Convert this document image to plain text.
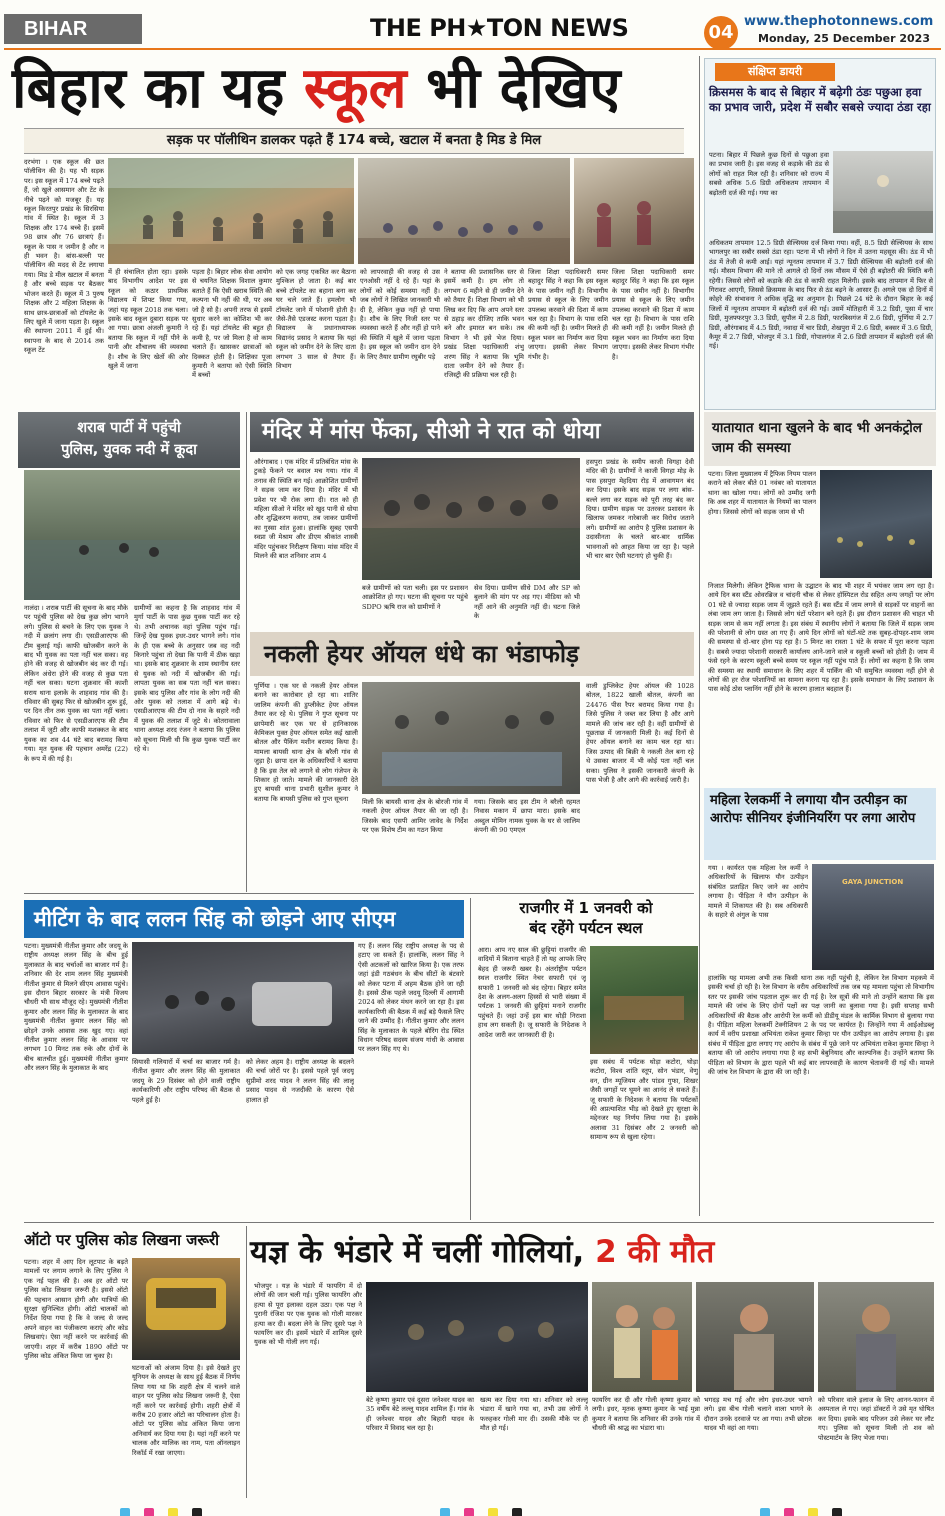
BIHAR	THE PH★TON NEWS	04
www.thephotonnews.com
Monday, 25 December 2023
बिहार का यह स्कूल भी देखिए
सड़क पर पॉलीथिन डालकर पढ़ते हैं 174 बच्चे, खटाल में बनता है मिड डे मिल
दरभंगा । एक स्कूल की छत पॉलीथिन की है। यह भी सड़क पर। इस स्कूल में 174 बच्चे पढ़ते हैं, जो खुले आसमान और टेंट के नीचे पढ़ने को मजबूर हैं। यह स्कूल किरतपुर प्रखंड के सिरसिया गांव में स्थित है। स्कूल में 3 शिक्षक और 174 बच्चे हैं। इसमें 98 छात्र और 76 छात्राएं हैं। स्कूल के पास न जमीन है और न ही भवन है। बांस-बल्ली पर पॉलीथिन की मदद से टेंट लगाया गया। मिड डे मील खटाल में बनता है और बच्चे सड़क पर बैठकर भोजन करते हैं। स्कूल में 3 पुरुष शिक्षक और 2 महिला शिक्षक के साथ छात्र-छात्राओं को टॉयलेट के लिए खुले में जाना पड़ता है। स्कूल की स्थापना 2011 में हुई थी। स्थापना के बाद से 2014 तक स्कूल टेंट
में ही संचालित होता रहा। इसके बाद विभागीय आदेश पर इस स्कूल को कठार प्राथमिक विद्यालय में शिफ्ट किया गया, जहां यह स्कूल 2018 तक चला। इसके बाद स्कूल दुबारा सड़क पर आ गया। छात्रा अंजली कुमारी ने बताया कि स्कूल में नहीं पीने के पानी और शौचालय की व्यवस्था है। शौच के लिए खेतों की ओर खुले में जाना
पड़ता है। बिहार लोक सेवा आयोग से चयनित शिक्षक विशाल कुमार बताते हैं कि ऐसी खराब स्थिति की कल्पना भी नहीं की थी, पर अब जो है सो है। अपनी तरफ से इसमें सुधार करने का कोशिश भी कर रहे हैं। यहां टॉयलेट की बहुत ही कमी है, पर जो मिला है वो काम चलाते हैं। खासकर छात्राओं को दिक्कत होती है। शिक्षिका पूजा कुमारी ने बताया को ऐसी स्थिति में बच्चों
को एक जगह एकत्रित कर बैठाना मुश्किल हो जाता है। कई बार बच्चे टॉयलेट का बहाना बना कर घर चले जाते हैं। हमलोग भी टॉयलेट जाने में परेशानी होती है। जैसे-तैसे एडजस्ट करना पड़ता है। विद्यालय के प्रधानाध्यापक विद्यानंद प्रसाद ने बताया कि यहां स्कूल को जमीन देने के लिए दाता लगभग 3 साल से तैयार हैं। विभाग
को लापरवाही की वजह से उस एनओसी नहीं दे रहे हैं। यहां के लोगों को कोई समस्या नहीं है। जब लोगों ने लिखित जानकारी भी दी है, लेकिन कुछ नहीं हो पाया है। शौच के लिए निजी स्तर पर व्यवस्था करते हैं और नहीं हो पाने की स्थिति में खुले में जाना पड़ता है। इस स्कूल को जमीन दान देने के लिए तैयार ग्रामीण रघुबीर पड़े
ने बताया की प्रशासनिक स्तर से इसमें कमी है। हम लोग तो लगभग 6 महीने से ही जमीन देने को तैयार हैं। शिक्षा विभाग को भी लिख कर दिए कि आप अपने स्तर से ठहाड़ कर दीजिए ताकि भवन बने और इमारत बन सके। तब विभाग ने भी इसे भेज दिया। प्रखंड शिक्षा पदाधिकारी शंभु शरण सिंह ने बताया कि भूमि दाता जमीन देने को तैयार हैं। रजिस्ट्री की प्रक्रिया चल रही है।
जिला शिक्षा पदाधिकारी समर बहादुर सिंह ने कहा कि इस स्कूल के पास जमीन नहीं है। विभागीय प्रयास से स्कूल के लिए जमीन उपलब्ध करवाने की दिशा में काम चल रहा है। विभाग के पास राशि की कमी नहीं है। जमीन मिलते ही स्कूल भवन का निर्माण करा दिया जाएगा। इसकी लेकर विभाग गंभीर है।
जिला शिक्षा पदाधिकारी समर बहादुर सिंह ने कहा कि इस स्कूल के पास जमीन नहीं है। विभागीय प्रयास से स्कूल के लिए जमीन उपलब्ध करवाने की दिशा में काम चल रहा है। विभाग के पास राशि की कमी नहीं है। जमीन मिलते ही स्कूल भवन का निर्माण करा दिया जाएगा। इसकी लेकर विभाग गंभीर है।
संक्षिप्त डायरी
क्रिसमस के बाद से बिहार में बढ़ेगी ठंडः पछुआ हवा का प्रभाव जारी, प्रदेश में सबौर सबसे ज्यादा ठंडा रहा
पटना। बिहार में पिछले कुछ दिनों से पछुआ हवा का प्रभाव जारी है। इस वजह से कड़ाके की ठंड से लोगों को राहत मिल रही है। शनिवार को राज्य में सबसे अधिक 5.6 डिग्री अधिकतम तापमान में बढ़ोतरी दर्ज की गई। गया का
अधिकतम तापमान 12.5 डिग्री सेल्सियस दर्ज किया गया। वहीं, 8.5 डिग्री सेल्सियस के साथ भागलपुर का सबौर सबसे ठंडा रहा। पटना में भी लोगों ने दिन में उतना महसूस की। ठंड में भी ठंड में तेजी से कमी आई। यहां न्यूनतम तापमान में 3.7 डिग्री सेल्सियस की बढ़ोतरी दर्ज की गई। मौसम विभाग की माने तो आगले दो दिनों तक मौसम में ऐसे ही बढ़ोतरी की स्थिति बनी रहेगी। जिससे लोगों को कड़ाके की ठंड से काफी राहत मिलेगी। इसके बाद तापमान में फिर से गिरावट आएगी, जिससे क्रिसमस के बाद फिर से ठंड बढ़ने के आसार हैं। अगले एक दो दिनों में कोहरे की संभावना ने अधिक वृद्धि का अनुमान है। पिछले 24 घंटे के दौरान बिहार के कई जिलों में न्यूनतम तापमान में बढ़ोतरी दर्ज की गई। उसमें मोतिहारी में 3.2 डिग्री, पूसा में चार डिग्री, मुजफ्फरपुर 3.3 डिग्री, सुपौल में 2.8 डिग्री, फारबिसगंज में 2.6 डिग्री, पूर्णिया में 2.7 डिग्री, औरंगाबाद में 4.5 डिग्री, नवादा में चार डिग्री, शेखपुरा में 2.6 डिग्री, बक्सर में 3.6 डिग्री, कैमूर में 2.7 डिग्री, भोजपुर में 3.1 डिग्री, गोपालगंज में 2.6 डिग्री तापमान में बढ़ोतरी दर्ज की गई।
शराब पार्टी में पहुंची
पुलिस, युवक नदी में कूदा
नालंदा । शराब पार्टी की सूचना के बाद मौके पर पहुंची पुलिस को देख कुछ लोग भागने लगे। पुलिस से बचने के लिए एक युवक ने नदी में छलांग लगा दी। एसडीआरएफ की टीम बुलाई गई। काफी खोजबीन करने के बाद भी युवक का पता नहीं चल सका। वह होने की वजह से खोजबीन बंद कर दी गई। लेकिन अंधेरा होने की वजह से कुछ पता नहीं चल सका। घटना शुक्रवार की काशी सराय थाना इलाके के शाहवाद गांव की है। रविवार की सुबह फिर से खोजबीन शुरू हुई, पर दिन तीन तक युवक का पता नहीं चला। रविवार को फिर से एसडीआरएफ की टीम तलाश में जुटी और काफी मशक्कत के बाद युवक का शव 44 घंटे बाद बरामद किया गया। मृत युवक की पहचान अमरेंद्र (22) के रूप में की गई है।
ग्रामीणों का कहना है कि शाहवाद गांव में मुर्गा पार्टी के पास कुछ युवक पार्टी कर रहे थे। तभी अचानक वहां पुलिस पहुंच गई। जिन्हें देख युवक इधर-उधर भागने लगे। गांव के ही एक बच्चे के अनुसार जब वह नदी किनारे पहुंचा तो देखा कि पानी में ठीक खड़ा था। इसके बाद शुक्रवार के शाम स्थानीय स्तर से युवक को नदी में खोजबीन की गई। लापता युवक का सब पता नहीं चल सका। इसके बाद पुलिस और गांव के लोग नदी की ओर युवक को तलाश में आगे बढ़े थे। एसडीआरएफ की टीम दो नाव के सहारे नदी में युवक की तलाश में जुटे थे। कोतरावाला थाना अध्यक्ष शरद रंजन ने बताया कि पुलिस को सूचना मिली थी कि कुछ युवक पार्टी कर रहे थे।
मंदिर में मांस फेंका, सीओ ने रात को धोया
औरंगाबाद । एक मंदिर में प्रतिबंधित मांस के टुकड़े फेंकने पर बवाल मच गया। गांव में तनाव की स्थिति बन गई। आक्रोशित ग्रामीणों ने सड़क जाम कर दिया है। मंदिर में भी प्रवेश पर भी रोक लगा दी। रात को ही महिला सीओ ने मंदिर को खुद पानी से धोया और शुद्धिकरण कराया, तब जाकर ग्रामीणों का गुस्सा शांत हुआ। हालांकि सुबह एसपी स्वप्ना जी मेश्राम और डीएम श्रीकांत शास्त्री मंदिर पहुंचकर निरीक्षण किया। मांस मंदिर में मिलने की बात शनिवार शाम 4
बजे ग्रामीणों को पता चली। इस पर प्रशासन आक्रोशित हो गए। घटना की सूचना पर पहुंचे SDPO ऋषि राज को ग्रामीणों ने
सेव दिया। ग्रामीण सीधे DM और SP को बुलाने की मांग पर अड़ गए। मीडिया को भी नहीं आने की अनुमति नहीं दी। घटना जिले के
हसपुरा प्रखंड के समीप काजी विगहा देवी मंदिर की है। ग्रामीणों ने काजी विगहा मोड़ के पास हसपुरा मेहदिया रोड़ में आवागमन बंद कर दिया। इसके बाद सड़क पर लगा बांस-बल्ले लगा कर सड़क को पूरी तरह बंद कर दिया। ग्रामीण सड़क पर उतरकर प्रशासन के खिलाफ जमकर नारेबाजी कर विरोध जताने लगे। ग्रामीणों का आरोप है पुलिस प्रशासन के उदासीनता के चलते बार-बार धार्मिक भावनाओं को आहत किया जा रहा है। पहले भी चार बार ऐसी घटनाएं हो चुकी हैं।
नकली हेयर ऑयल धंधे का भंडाफोड़
पूर्णिया । एक घर से नकली हेयर ऑयल बनाने का कारोबार हो रहा था। शातिर जालिम कंपनी की डुप्लीकेट हेयर ऑयल तैयार कर रहे थे। पुलिस ने गुप्त सूचना पर छापेमारी कर एक घर से हानिकारक केमिकल युक्त हेयर ऑयल समेत कई खाली बोतल और पैकिंग मशीन बरामद किया है। मामला बायसी थाना क्षेत्र के बरैली गांव से जुड़ा है। छापा दल के अधिकारियों ने बताया है कि इस तेल को लगाने से लोग गंजेपन के शिकार हो जाते। मामले की जानकारी देते हुए बायसी थाना प्रभारी सुशील कुमार ने बताया कि बायसी पुलिस को गुप्त सूचना	मिली कि बायसी थाना क्षेत्र के बोरजी गांव में नकली हेयर ऑयल तैयार की जा रही है। जिसके बाद एसपी आमिर जावेद के निर्देश पर एक विशेष टीम का गठन किया
गया। जिसके बाद इस टीम ने बरैली रहमत निवास मकान में छापा मारा। इसके बाद अब्दुल मोमिन नामक युवक के घर से जालिम कंपनी की 90 एमएल
वाली डुप्लिकेट हेयर ऑयल की 1028 बोतल, 1822 खाली बोतल, कंपनी का 24476 पीस रैपर बरामद किया गया है। जिसे पुलिस ने जब्त कर लिया है और आगे मामले की जांच कर रही है। वहीं ग्रामीणों से पूछताछ में जानकारी मिली है। कई दिनों से हेयर ऑयल बनाने का काम चल रहा था। जिस उत्पाद की बिक्री ये नकली तेल बना रहे थे उसका बाजार में भी कोई पता नहीं चल सका। पुलिस ने इसकी जानकारी कंपनी के पास भेजी है और आगे की कार्रवाई जारी है।
यातायात थाना खुलने के बाद भी अनकंट्रोल जाम की समस्या
पटना। जिला मुख्यालय में ट्रैफिक नियम पालन कराने को लेकर बीते 01 नवंबर को यातायात थाना का खोला गया। लोगों को उम्मीद जगी कि अब शहर में यातायात के नियमों का पालन होगा। जिससे लोगों को सड़क जाम से भी
निजात मिलेगी। लेकिन ट्रैफिक थाना के उद्घाटन के बाद भी शहर में भयंकर जाम लग रहा है। आये दिन बस स्टैंड ओवरब्रिज व चांदनी चौक से लेकर हॉस्पिटल रोड सहित अन्य जगहों पर लोग 01 घंटे से ज्यादा सड़क जाम में जूझते रहते हैं। बस स्टैंड में जाम लगने से सड़कों पर वाहनों का लंबा जाम लग जाता है। जिससे लोग घंटों परेशान बने रहते हैं। इस दौरान प्रशासन की चाहत भी सड़क जाम से कम नहीं लगता है। इस संबंध में स्थानीय लोगों ने बताया कि जिले में सड़क जाम की परेशानी से लोग ग्रस्त आ गए हैं। आये दिन लोगों को घंटों-घंटे तक सुबह-दोपहर-शाम जाम की समस्या से दो-चार होना पड़ रहा है। 5 मिनट का रास्ता 1 घंटे के सफर में पूरा करना पड़ता है। सबसे ज्यादा परेशानी सरकारी कार्यालय आने-जाने वाले व स्कूली बच्चों को होती है। जाम में फंसे रहने के कारण स्कूली बच्चे समय पर स्कूल नहीं पहुंच पाते हैं। लोगों का कहना है कि जाम की समस्या का स्थायी समाधान के लिए शहर में पार्किंग की भी समुचित व्यवस्था नहीं होने से लोगों की हर रोज परेशानियों का सामना करना पड़ रहा है। इसके समाधान के लिए प्रशासन के पास कोई ठोस प्लानिंग नहीं होने के कारण हालात बदहाल हैं।
महिला रेलकर्मी ने लगाया यौन उत्पीड़न का आरोपः सीनियर इंजीनियरिंग पर लगा आरोप
गया । कार्यरत एक महिला रेल कर्मी ने अधिकारियों के खिलाफ यौन उत्पीड़न संबंधित प्रताड़ित किए जाने का आरोप लगाया है। पीड़िता ने यौन उत्पीड़न के मामले में शिकायत की है। सब अधिकारी के सहारे से अंगुल के पास
GAYA JUNCTION
हालांकि यह मामला अभी तक किसी थाना तक नहीं पहुंची है, लेकिन रेल विभाग महकमे में इसकी चर्चा हो रही है। रेल विभाग के वरीय अधिकारियों तक जब यह मामला पहुंचा तो विभागीय स्तर पर इसकी जांच पड़ताल शुरू कर दी गई है। रेल सूत्रों की माने तो उन्होंने बताया कि इस मामले की जांच के लिए दोनों पक्षों का पक्ष जानी का बुलावा गया है। इसी सप्ताह सभी अधिकारियों की बैठक और आरोपी रेल कर्मी को डीडीयू मंडल के कार्मिक विभाग से बुलाया गया है। पीड़िता महिला रेलकर्मी टेक्नीशियन 2 के पद पर कार्यरत है। जिन्होंने गया में आईओडब्लू कार्य में वरीय प्रशाखा अभियंता राकेश कुमार सिन्हा पर यौन उत्पीड़न का आरोप लगाया है। इस संबंध में पीड़िता द्वारा लगाए गए आरोप के संबंध में पूछे जाने पर अभियंता राकेश कुमार सिन्हा ने बताया की जो आरोप लगाया गया है वह सभी बेबुनियाद और काल्पनिक है। उन्होंने बताया कि पीड़िता को विभाग के द्वारा पहले भी कई बार लापरवाही के कारण चेतावनी दी गई थी। मामले की जांच रेल विभाग के द्वारा की जा रही है।
मीटिंग के बाद ललन सिंह को छोड़ने आए सीएम
पटना। मुख्यमंत्री नीतीश कुमार और जदयू के राष्ट्रीय अध्यक्ष ललन सिंह के बीच हुई मुलाकात के बाद चर्चाओं का बाजार गर्म है। शनिवार की देर शाम ललन सिंह मुख्यमंत्री नीतीश कुमार से मिलने सीएम आवास पहुंचे। इस दौरान बिहार सरकार के मंत्री विजय चौधरी भी साथ मौजूद रहे। मुख्यमंत्री नीतीश कुमार और ललन सिंह के मुलाकात के बाद मुख्यमंत्री नीतीश कुमार ललन सिंह को छोड़ने उनके आवास तक खुद गए। वहां नीतीश कुमार ललन सिंह के आवास पर लगभग 10 मिनट तक रुके और दोनों के बीच बातचीत हुई। मुख्यमंत्री नीतीश कुमार और ललन सिंह के मुलाकात के बाद
सियासी गलियारों में चर्चा का बाजार गर्म है। नीतीश कुमार और ललन सिंह की मुलाकात जदयू के 29 दिसंबर को होने वाली राष्ट्रीय कार्यकारिणी और राष्ट्रीय परिषद की बैठक से पहले हुई है।
को लेकर अहम है। राष्ट्रीय अध्यक्ष के बदलने की चर्चा जोरों पर है। इससे पहले पूर्व जदयू सुप्रीमो शरद यादव ने ललन सिंह की लालू प्रसाद यादव से नजदीकी के कारण ऐसे हालात हो
गए हैं। ललन सिंह राष्ट्रीय अध्यक्ष के पद से हटाए जा सकते हैं। हालांकि, ललन सिंह ने ऐसी अटकलों को खारिज किया है। एक तरफ जहां इंडी गठबंधन के बीच सीटों के बंटवारे को लेकर पटना में अहम बैठक होने जा रही है। इससे ठीक पहले जदयू दिल्ली में आगामी 2024 को लेकर मंथन करने जा रहा है। इस कार्यकारिणी की बैठक में कई बड़े फैसले लिए जाने की उम्मीद है। नीतीश कुमार और ललन सिंह के मुलाकात के पहले बोरिंग रोड स्थित विधान परिषद सदस्य संजय गांधी के आवास पर ललन सिंह गए थे।
राजगीर में 1 जनवरी को
बंद रहेंगे पर्यटन स्थल
आरा। आप नए साल की छुट्टियां राजगीर की वादियों में बिताना चाहते हैं तो यह आपके लिए बेहद ही जरूरी खबर है। अंतर्राष्ट्रीय पर्यटन स्थल राजगीर स्थित नेचर सफारी एवं जू सफारी 1 जनवरी को बंद रहेगा। बिहार समेत देश के अलग-अलग हिस्सों से भारी संख्या में पर्यटक 1 जनवरी की छुट्टियां मनाने राजगीर पहुंचते हैं। जहां उन्हें इस बार थोड़ी निराशा हाथ लग सकती है। जू सफारी के निदेशक ने आदेश जारी कर जानकारी दी है।
इस सबंध में पर्यटक थोड़ा कटोरा, घोड़ा कटोरा, विश्व शांति स्तूप, सोन भंडार, वेणु वन, ग्रीन म्यूजियम और पांडव गुफा, शिखर जैसी जगहों पर घूमने का आनंद ले सकते हैं। जू सफारी के निदेशक ने बताया कि पर्यटकों की अप्रत्याशित भीड़ को देखते हुए सुरक्षा के मद्देनजर यह निर्णय लिया गया है। इसके अलावा 31 दिसंबर और 2 जनवरी को सामान्य रूप से खुला रहेगा।
ऑटो पर पुलिस कोड लिखना जरूरी
पटना। शहर में आए दिन लूटपाट के बढ़ते मामलों पर लगाम लगाने के लिए पुलिस ने एक नई पहल की है। अब हर ऑटो पर पुलिस कोड लिखना जरूरी है। इससे ऑटो की पहचान आसान होगी और यात्रियों की सुरक्षा सुनिश्चित होगी। ऑटो चालकों को निर्देश दिया गया है कि वे जल्द से जल्द अपने वाहन का पंजीकरण कराएं और कोड लिखवाएं। ऐसा नहीं करने पर कार्रवाई की जाएगी। शहर में करीब 1890 ऑटो पर पुलिस कोड अंकित किया जा चुका है।
घटनाओं को अंजाम दिया है। इसे देखते हुए यूनियन के अध्यक्ष के साथ हुई बैठक में निर्णय लिया गया था कि शहरी क्षेत्र में चलने वाले वाहन पर पुलिस कोड लिखना जरूरी है, ऐसा नहीं करने पर कार्रवाई होगी। शहरी क्षेत्रों में करीब 20 हजार ऑटो का परिचालन होता है। ऑटो पर पुलिस कोड अंकित किया जाना अनिवार्य कर दिया गया है। यहां नहीं करने पर चालक और मालिक का नाम, पता ऑनलाइन रिकॉर्ड में रखा जाएगा।
यज्ञ के भंडारे में चलीं गोलियां, 2 की मौत
भोजपुर । यज्ञ के भंडारे में फायरिंग में दो लोगों की जान चली गई। पुलिस फायरिंग और हत्या से पूरा इलाका दहल उठा। एक पक्ष ने पुरानी रंजिश पर एक युवक को गोली मारकर हत्या कर दी। बदला लेने के लिए दूसरे पक्ष ने फायरिंग कर दी। इसमें भंडारे में शामिल दूसरे युवक को भी गोली लग गई।
बेटे कृष्णा कुमार एवं दूसरा जनेश्वर यादव का 35 वर्षीय बेटे लल्लू यादव शामिल हैं। गांव के ही जनेश्वर यादव और बिहारी यादव के परिवार में विवाद चल रहा है।
खत्म कर दिया गया था। शनिवार को लल्लू भंडारा में खाने गया था, तभी उस लोगों ने फरुहकर गोली मार दी। उसकी मौके पर ही मौत हो गई।
फायरिंग कर दी और गोली कृष्णा कुमार को लगी। इधर, मृतक कृष्णा कुमार के भाई मुन्ना कुमार ने बताया कि शनिवार की उनके गांव में चौधरी की श्राद्ध का भंडारा था।
भगदड़ मच गई और लोग इधर-उधर भागने लगे। इस बीच गोली चलाने वाला भागने के दौरान उनके दरवाजे पर आ गया। तभी छोटक यादव भी वहां आ गया।
को परिवार वाले इलाज के लिए आनन-फानन में अस्पताल ले गए। जहां डॉक्टरों ने उसे मृत घोषित कर दिया। इसके बाद परिजन उसे लेकर घर लौट गए। पुलिस को सूचना मिली तो शव को पोस्टमार्टम के लिए भेजा गया।
